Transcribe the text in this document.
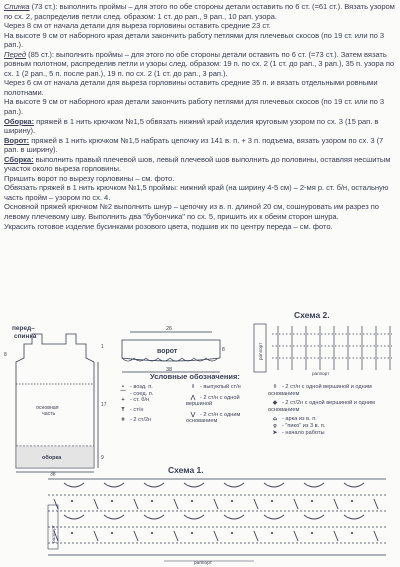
Спинка (73 ст.): выполнить проймы – для этого по обе стороны детали оставить по 6 ст. (=61 ст.). Вязать узором по сх. 2, распределив петли след. образом: 1 ст. до рап., 9 рап., 10 рап. узора.

Через 8 см от начала детали для выреза горловины оставить средние 23 ст.

На высоте 9 см от наборного края детали закончить работу петлями для плечевых скосов (по 19 ст. или по 3 рап.).

Перед (85 ст.): выполнить проймы – для этого по обе стороны детали оставить по 6 ст. (=73 ст.). Затем вязать ровным полотном, распределив петли и узоры след. образом: 19 п. по сх. 2 (1 ст. до рап., 3 рап.), 35 п. узора по сх. 1 (2 рап., 5 п. после рап.), 19 п. по сх. 2 (1 ст. до рап., 3 рап.).

Через 6 см от начала детали для выреза горловины оставить средние 35 п. и вязать отдельными ровными полотнами.

На высоте 9 см от наборного края детали закончить работу петлями для плечевых скосов (по 19 ст. или по 3 рап.).

Оборка: пряжей в 1 нить крючком №1,5 обвязать нижний край изделия круговым узором по сх. 3 (15 рап. в ширину).

Ворот: пряжей в 1 нить крючком №1,5 набрать цепочку из 141 в. п. + 3 п. подъема, вязать узором по сх. 3 (7 рап. в ширину).

Сборка: выполнить правый плечевой шов, левый плечевой шов выполнить до половины, оставляя несшитым участок около выреза горловины.

Пришить ворот по вырезу горловины – см. фото.

Обвязать пряжей в 1 нить крючком №1,5 проймы: нижний край (на ширину 4-5 см) – 2-мя р. ст. б/н, остальную часть пройм – узором по сх. 4.

Основной пряжей крючком №2 выполнить шнур – цепочку из в. п. длиной 20 см, сошнуровать им разрез по левому плечевому шву. Выполнить два "бубончика" по сх. 5, пришить их к обеим сторон шнура.

Украсить готовое изделие бусинками розового цвета, подшив их по центру переда – см. фото.

перед–
спинка
основная
часть
оборка
8
1
17
9
38
26
ворот
38
8
Схема 2.
раппорт
раппорт
Условные обозначения:
• - возд. п.
⌒ - соед. п.
+ - ст. б/н
Ŧ - ст/н
ǂ - 2 ст/2н
ł - выпуклый ст/н
⋀ - 2 ст/н с одной вершиной
⋁ - 2 ст/н с одним основанием
◊ - 2 ст/н с одной вершиной и одним основанием
◈ - 2 ст/2н с одной вершиной и одним основанием
⌓ - арка из в. п.
ϙ - "пико" из 3 в. п.
➤ - начало работы
Схема 1.
раппорт
раппорт
